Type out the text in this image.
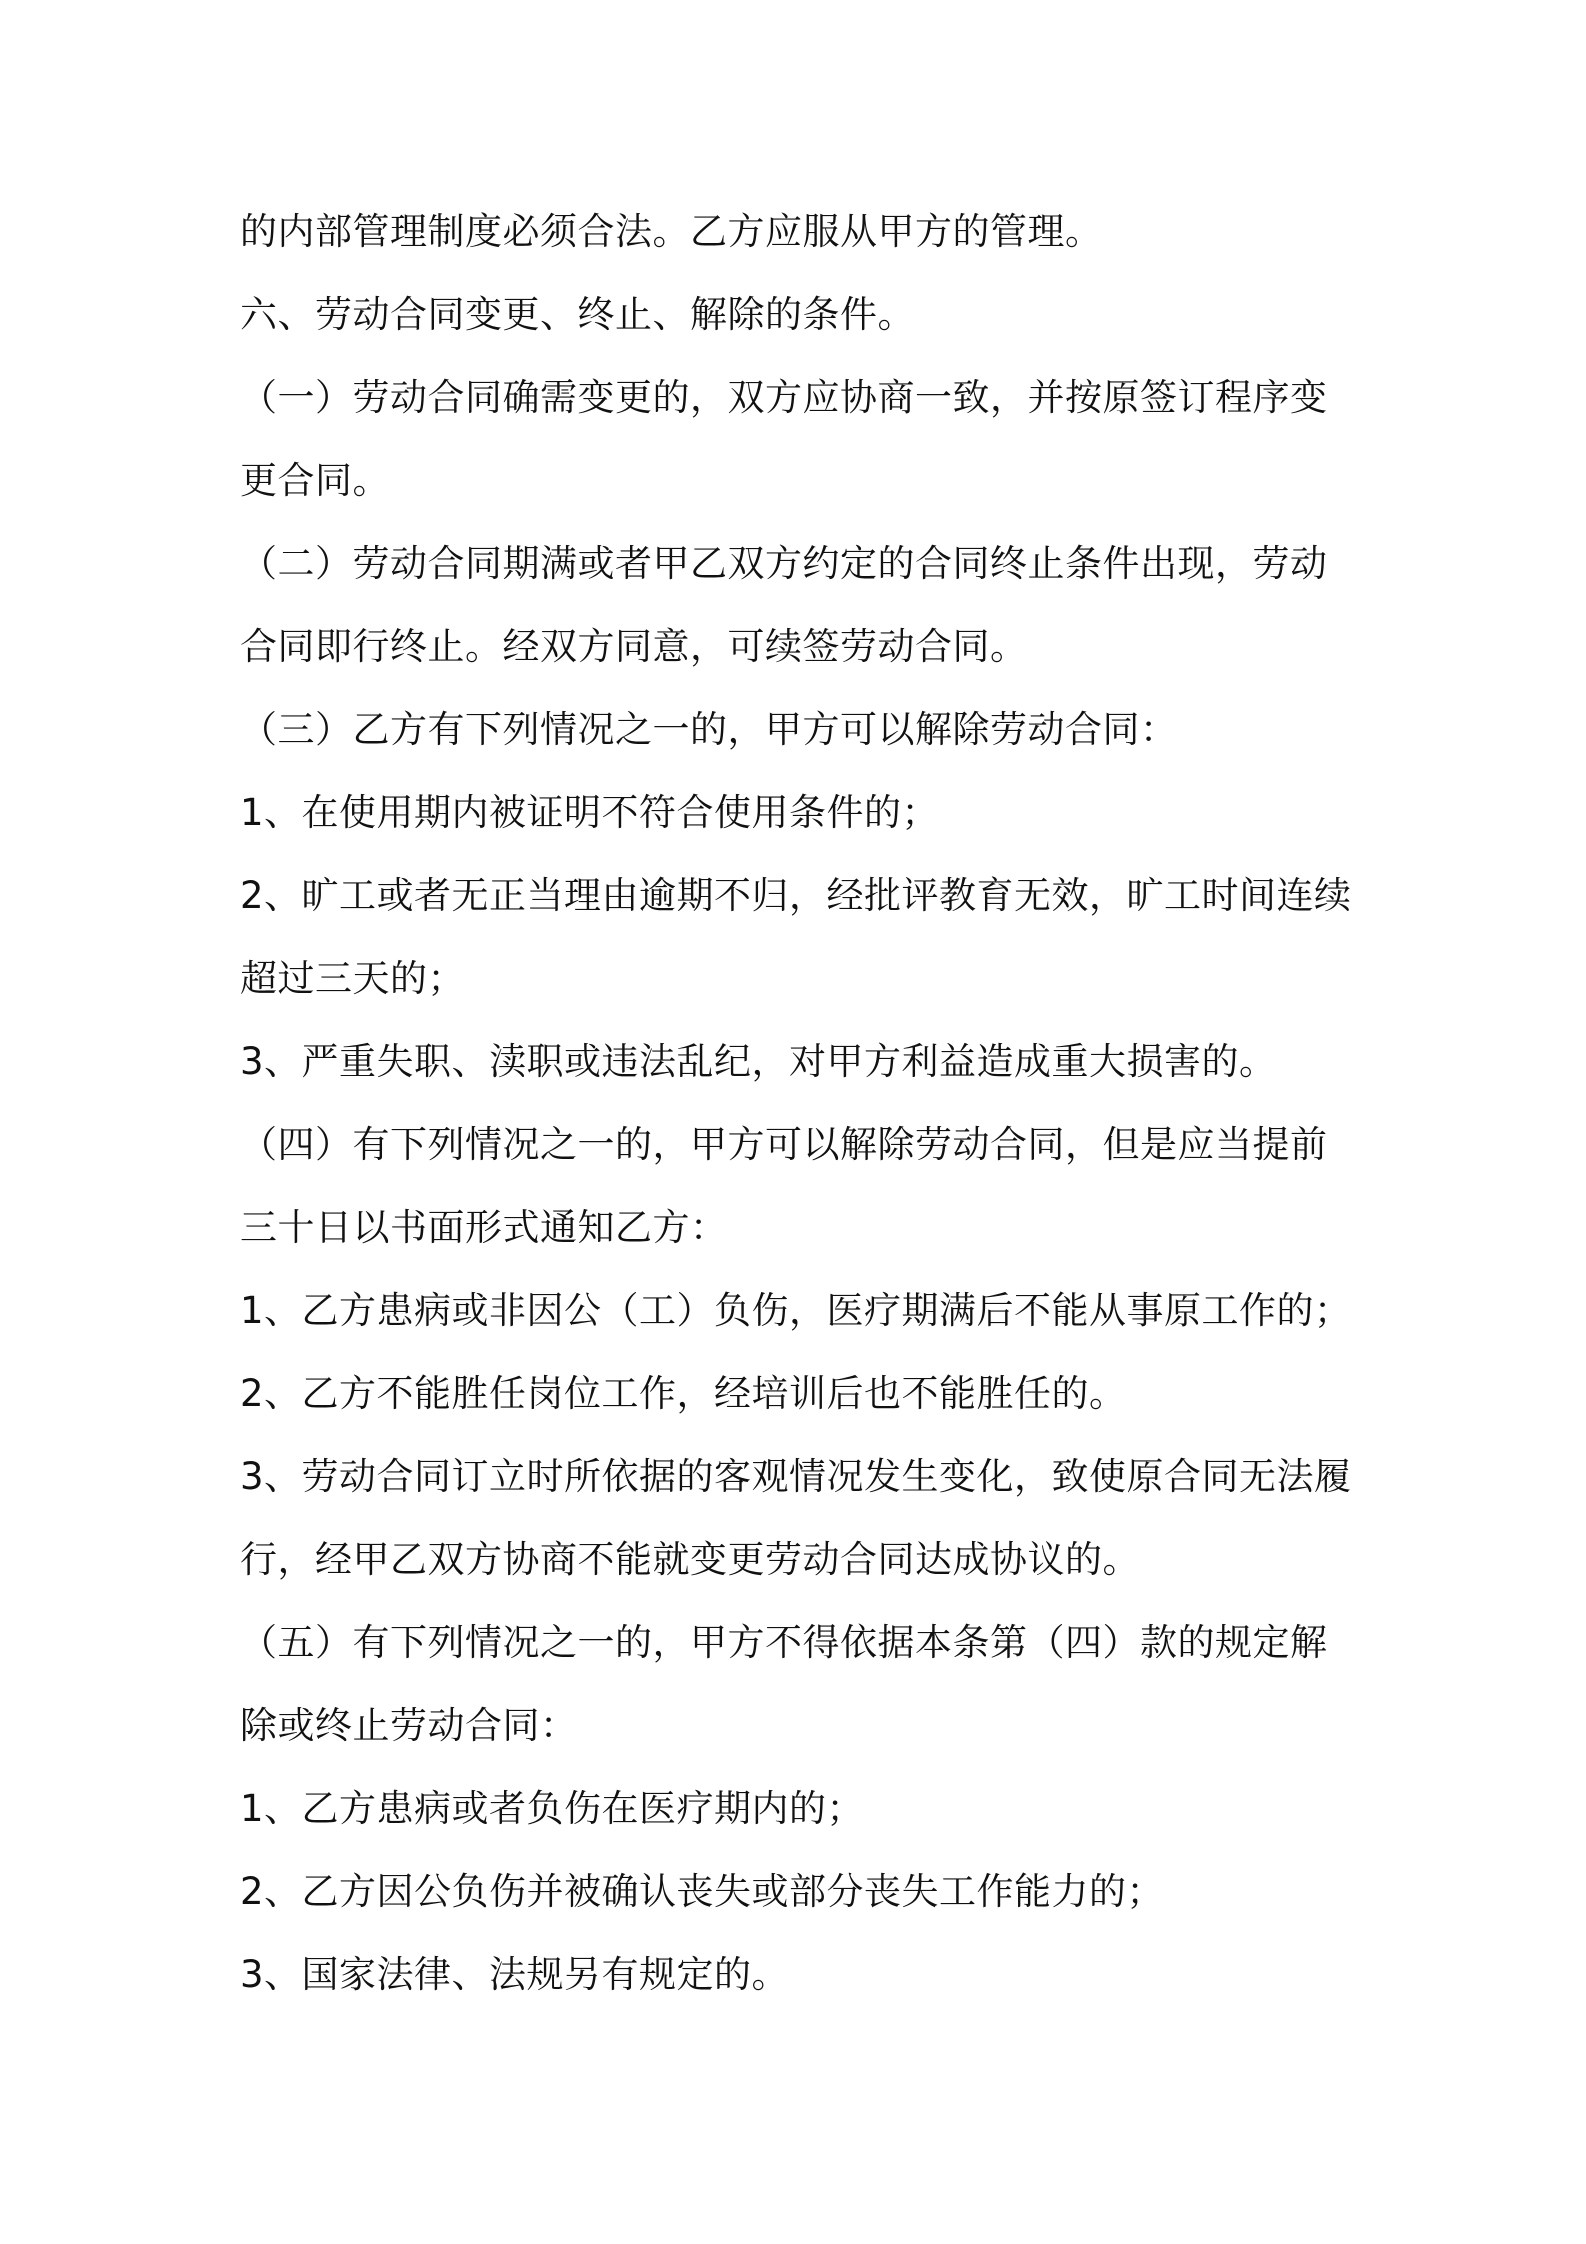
的内部管理制度必须合法。乙方应服从甲方的管理。

六、劳动合同变更、终止、解除的条件。

（一）劳动合同确需变更的，双方应协商一致，并按原签订程序变更合同。

（二）劳动合同期满或者甲乙双方约定的合同终止条件出现，劳动合同即行终止。经双方同意，可续签劳动合同。

（三）乙方有下列情况之一的，甲方可以解除劳动合同：

1、在使用期内被证明不符合使用条件的；

2、旷工或者无正当理由逾期不归，经批评教育无效，旷工时间连续超过三天的；

3、严重失职、渎职或违法乱纪，对甲方利益造成重大损害的。

（四）有下列情况之一的，甲方可以解除劳动合同，但是应当提前三十日以书面形式通知乙方：

1、乙方患病或非因公（工）负伤，医疗期满后不能从事原工作的；

2、乙方不能胜任岗位工作，经培训后也不能胜任的。

3、劳动合同订立时所依据的客观情况发生变化，致使原合同无法履行，经甲乙双方协商不能就变更劳动合同达成协议的。

（五）有下列情况之一的，甲方不得依据本条第（四）款的规定解除或终止劳动合同：

1、乙方患病或者负伤在医疗期内的；

2、乙方因公负伤并被确认丧失或部分丧失工作能力的；

3、国家法律、法规另有规定的。
